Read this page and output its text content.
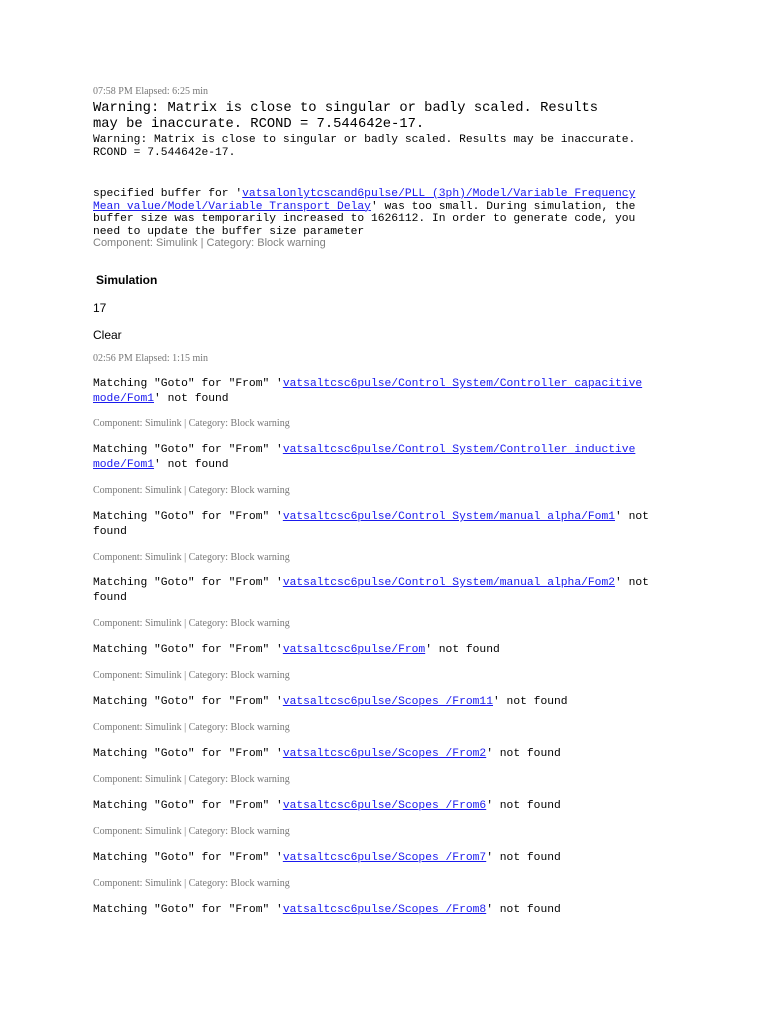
07:58 PM Elapsed: 6:25 min
Warning: Matrix is close to singular or badly scaled. Results
may be inaccurate. RCOND = 7.544642e-17.
Warning: Matrix is close to singular or badly scaled. Results may be inaccurate.
RCOND = 7.544642e-17.
specified buffer for 'vatsalonlytcscand6pulse/PLL (3ph)/Model/Variable Frequency
Mean value/Model/Variable Transport Delay' was too small. During simulation, the
buffer size was temporarily increased to 1626112. In order to generate code, you
need to update the buffer size parameter
Component: Simulink | Category: Block warning
Simulation
17
Clear
02:56 PM Elapsed: 1:15 min
Matching "Goto" for "From" 'vatsaltcsc6pulse/Control System/Controller capacitive
mode/Fom1' not found
Component: Simulink | Category: Block warning
Matching "Goto" for "From" 'vatsaltcsc6pulse/Control System/Controller inductive
mode/Fom1' not found
Component: Simulink | Category: Block warning
Matching "Goto" for "From" 'vatsaltcsc6pulse/Control System/manual alpha/Fom1' not
found
Component: Simulink | Category: Block warning
Matching "Goto" for "From" 'vatsaltcsc6pulse/Control System/manual alpha/Fom2' not
found
Component: Simulink | Category: Block warning
Matching "Goto" for "From" 'vatsaltcsc6pulse/From' not found
Component: Simulink | Category: Block warning
Matching "Goto" for "From" 'vatsaltcsc6pulse/Scopes /From11' not found
Component: Simulink | Category: Block warning
Matching "Goto" for "From" 'vatsaltcsc6pulse/Scopes /From2' not found
Component: Simulink | Category: Block warning
Matching "Goto" for "From" 'vatsaltcsc6pulse/Scopes /From6' not found
Component: Simulink | Category: Block warning
Matching "Goto" for "From" 'vatsaltcsc6pulse/Scopes /From7' not found
Component: Simulink | Category: Block warning
Matching "Goto" for "From" 'vatsaltcsc6pulse/Scopes /From8' not found
